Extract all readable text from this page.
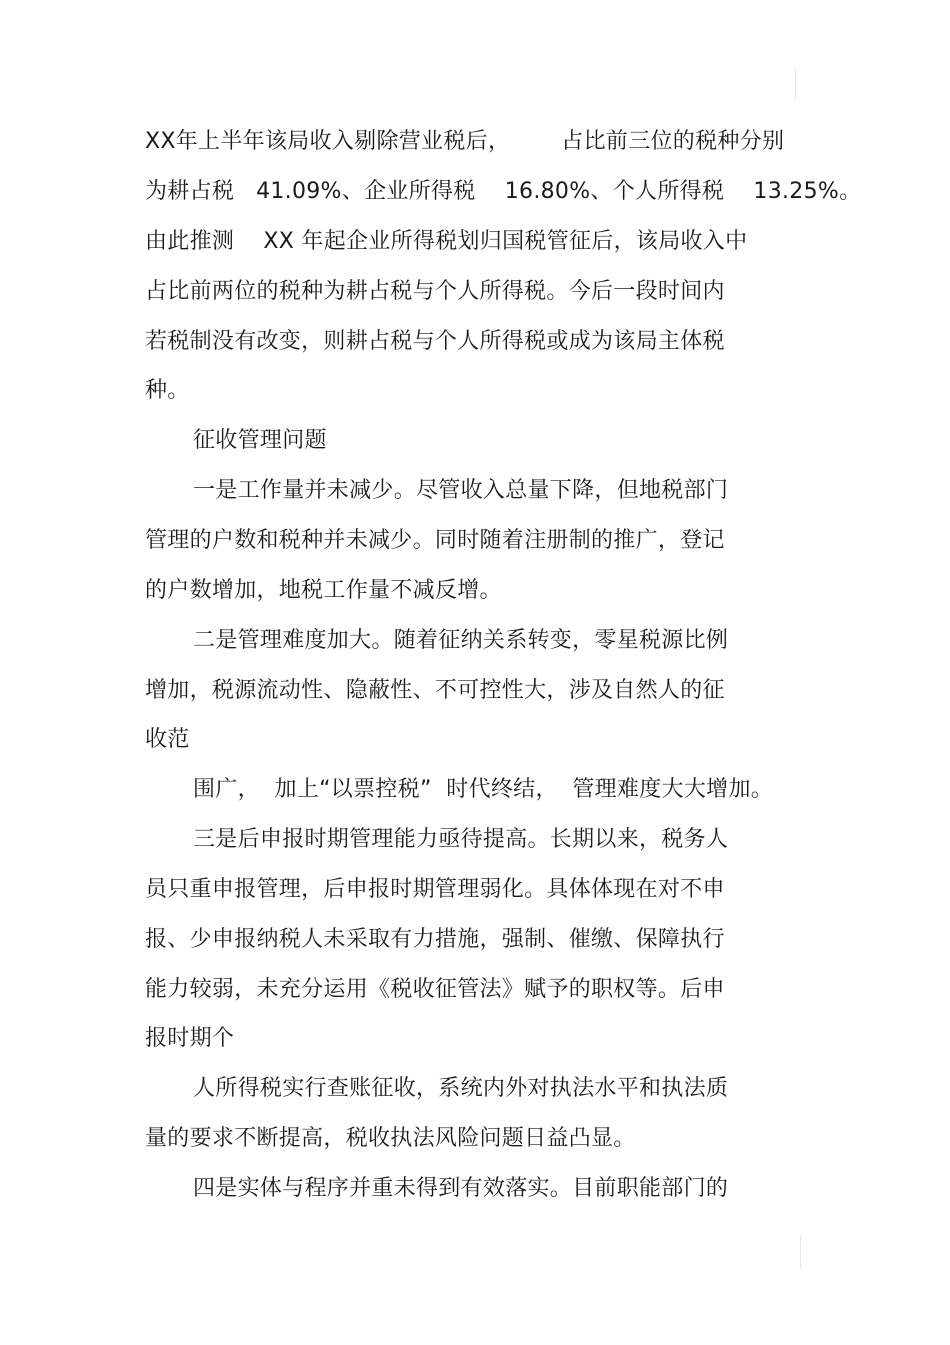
XX年上半年该局收入剔除营业税后，       占比前三位的税种分别
为耕占税   41.09%、企业所得税    16.80%、个人所得税    13.25%。
由此推测    XX 年起企业所得税划归国税管征后，该局收入中
占比前两位的税种为耕占税与个人所得税。今后一段时间内
若税制没有改变，则耕占税与个人所得税或成为该局主体税
种。
征收管理问题
一是工作量并未减少。尽管收入总量下降，但地税部门
管理的户数和税种并未减少。同时随着注册制的推广，登记
的户数增加，地税工作量不减反增。
二是管理难度加大。随着征纳关系转变，零星税源比例
增加，税源流动性、隐蔽性、不可控性大，涉及自然人的征
收范
围广，  加上“以票控税”  时代终结，  管理难度大大增加。
三是后申报时期管理能力亟待提高。长期以来，税务人
员只重申报管理，后申报时期管理弱化。具体体现在对不申
报、少申报纳税人未采取有力措施，强制、催缴、保障执行
能力较弱，未充分运用《税收征管法》赋予的职权等。后申
报时期个
人所得税实行查账征收，系统内外对执法水平和执法质
量的要求不断提高，税收执法风险问题日益凸显。
四是实体与程序并重未得到有效落实。目前职能部门的
